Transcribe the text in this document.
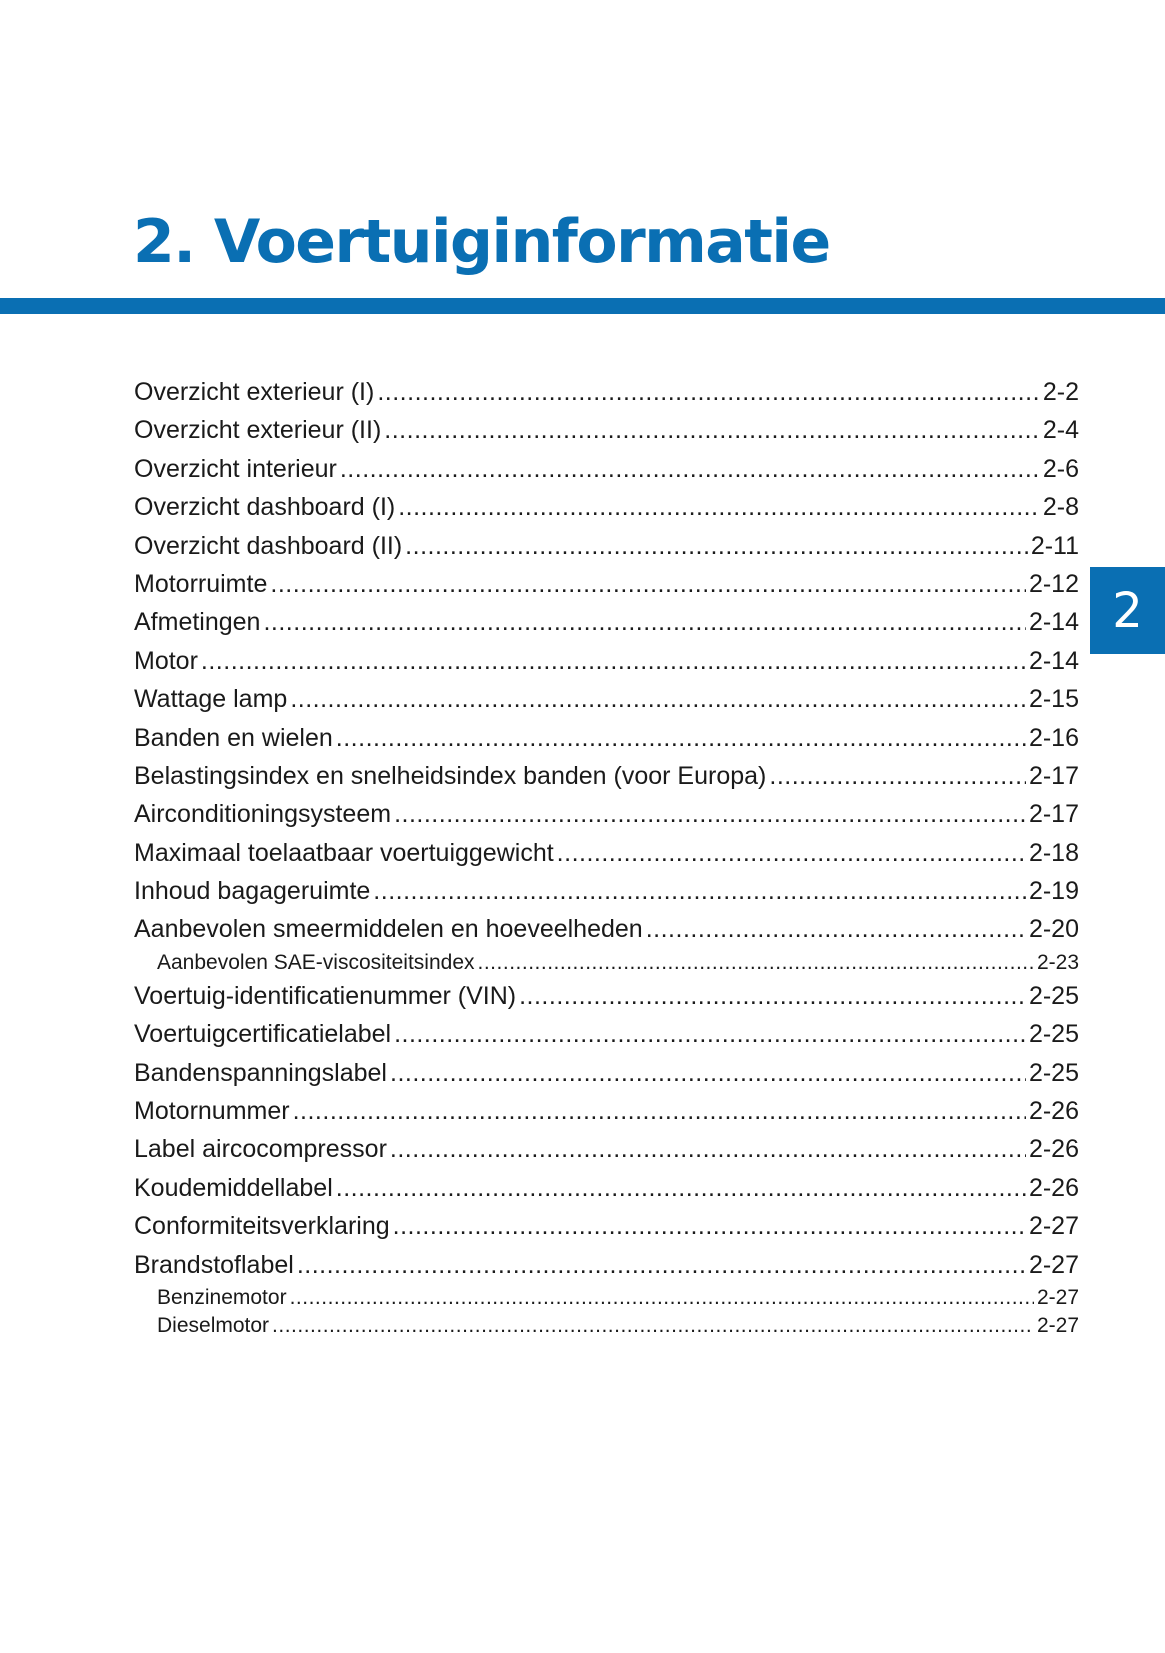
2. Voertuiginformatie
2
Overzicht exterieur (I) .....	2-2
Overzicht exterieur (II) .....	2-4
Overzicht interieur .....	2-6
Overzicht dashboard (I) .....	2-8
Overzicht dashboard (II) .....	2-11
Motorruimte .....	2-12
Afmetingen .....	2-14
Motor .....	2-14
Wattage lamp .....	2-15
Banden en wielen .....	2-16
Belastingsindex en snelheidsindex banden (voor Europa) .....	2-17
Airconditioningsysteem .....	2-17
Maximaal toelaatbaar voertuiggewicht .....	2-18
Inhoud bagageruimte .....	2-19
Aanbevolen smeermiddelen en hoeveelheden .....	2-20
Aanbevolen SAE-viscositeitsindex .....	2-23
Voertuig-identificatienummer (VIN) .....	2-25
Voertuigcertificatielabel .....	2-25
Bandenspanningslabel .....	2-25
Motornummer .....	2-26
Label aircocompressor .....	2-26
Koudemiddellabel .....	2-26
Conformiteitsverklaring .....	2-27
Brandstoflabel .....	2-27
Benzinemotor .....	2-27
Dieselmotor .....	2-27
